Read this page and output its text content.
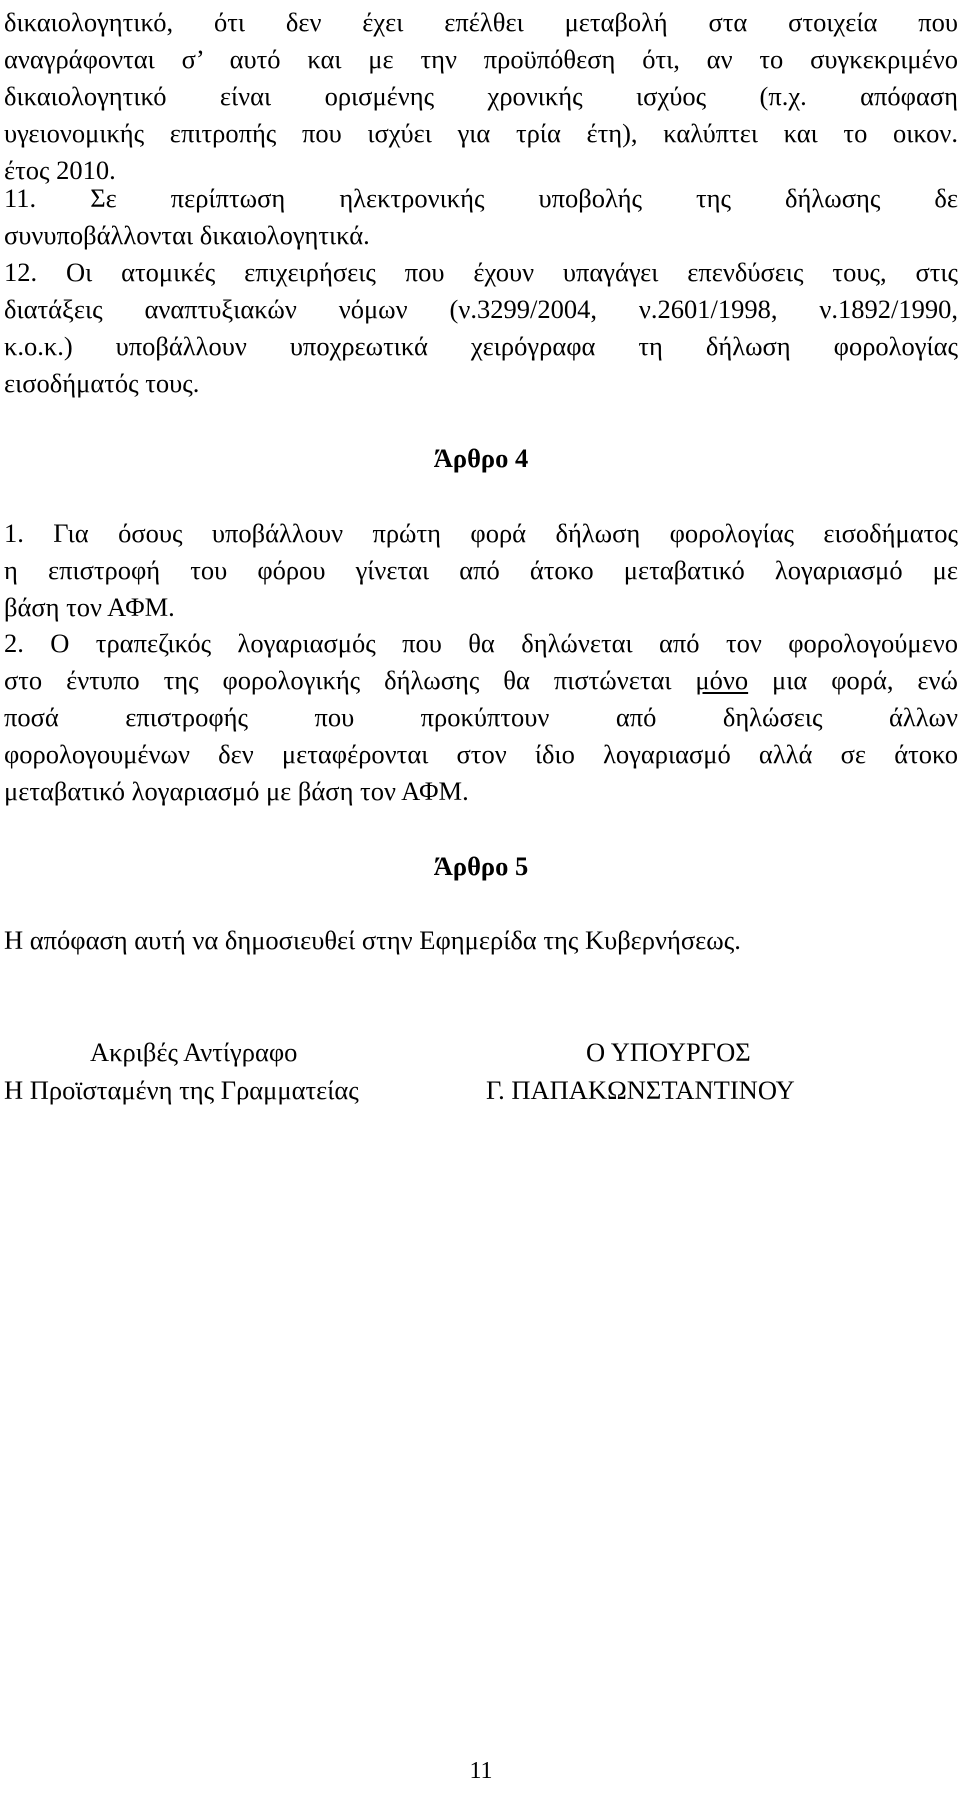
δικαιολογητικό, ότι δεν έχει επέλθει μεταβολή στα στοιχεία που
αναγράφονται σ’ αυτό και με την προϋπόθεση ότι, αν το συγκεκριμένο
δικαιολογητικό είναι ορισμένης χρονικής ισχύος (π.χ. απόφαση
υγειονομικής επιτροπής που ισχύει για τρία έτη), καλύπτει και το οικον.
έτος 2010.
11. Σε περίπτωση ηλεκτρονικής υποβολής της δήλωσης δε
συνυποβάλλονται δικαιολογητικά.
12. Οι ατομικές επιχειρήσεις που έχουν υπαγάγει επενδύσεις τους, στις
διατάξεις αναπτυξιακών νόμων (ν.3299/2004, ν.2601/1998, ν.1892/1990,
κ.ο.κ.) υποβάλλουν υποχρεωτικά χειρόγραφα τη δήλωση φορολογίας
εισοδήματός τους.
Άρθρο 4
1. Για όσους υποβάλλουν πρώτη φορά δήλωση φορολογίας εισοδήματος
η επιστροφή του φόρου γίνεται από άτοκο μεταβατικό λογαριασμό με
βάση τον ΑΦΜ.
2. Ο τραπεζικός λογαριασμός που θα δηλώνεται από τον φορολογούμενο
στο έντυπο της φορολογικής δήλωσης θα πιστώνεται μόνο μια φορά, ενώ
ποσά επιστροφής που προκύπτουν από δηλώσεις άλλων
φορολογουμένων δεν μεταφέρονται στον ίδιο λογαριασμό αλλά σε άτοκο
μεταβατικό λογαριασμό με βάση τον ΑΦΜ.
Άρθρο 5
Η απόφαση αυτή να δημοσιευθεί στην Εφημερίδα της Κυβερνήσεως.
Ακριβές Αντίγραφο
Η Προϊσταμένη της Γραμματείας
Ο ΥΠΟΥΡΓΟΣ
Γ. ΠΑΠΑΚΩΝΣΤΑΝΤΙΝΟΥ
11
